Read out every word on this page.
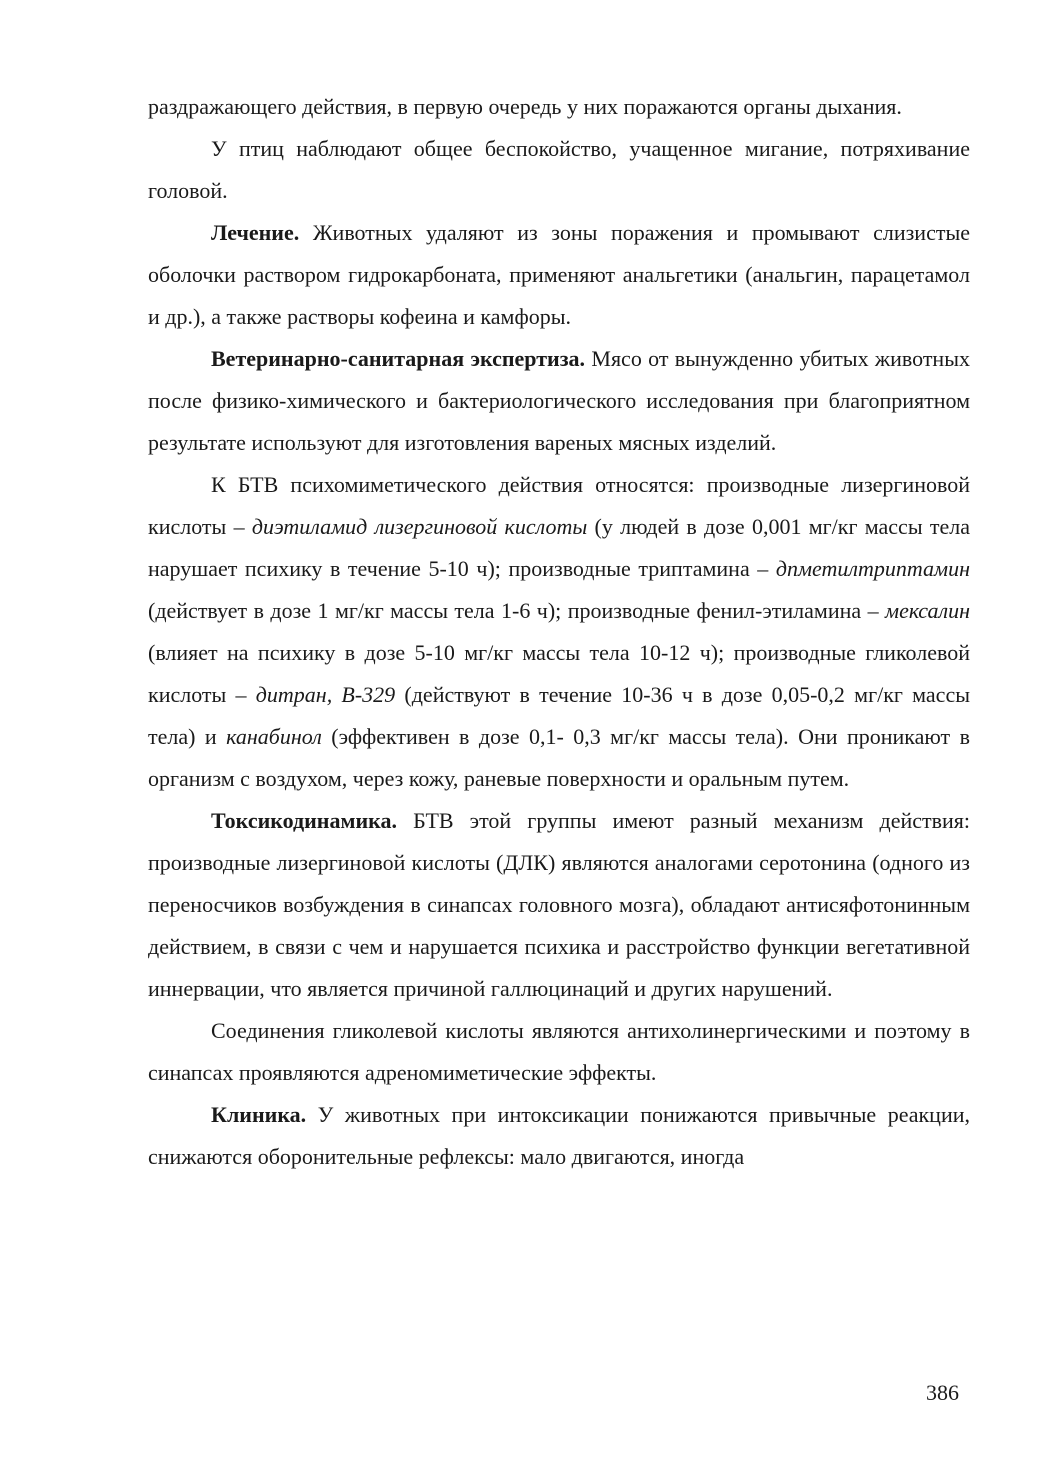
раздражающего действия, в первую очередь у них поражаются органы дыхания.

У птиц наблюдают общее беспокойство, учащенное мигание, потряхивание головой.

Лечение. Животных удаляют из зоны поражения и промывают слизистые оболочки раствором гидрокарбоната, применяют анальгетики (анальгин, парацетамол и др.), а также растворы кофеина и камфоры.

Ветеринарно-санитарная экспертиза. Мясо от вынужденно убитых животных после физико-химического и бактериологического исследования при благоприятном результате используют для изготовления вареных мясных изделий.

К БТВ психомиметического действия относятся: производные лизергиновой кислоты – диэтиламид лизергиновой кислоты (у людей в дозе 0,001 мг/кг массы тела нарушает психику в течение 5-10 ч); производные триптамина – дпметилтриптамин (действует в дозе 1 мг/кг массы тела 1-6 ч); производные фенил-этиламина – мексалин (влияет на психику в дозе 5-10 мг/кг массы тела 10-12 ч); производные гликолевой кислоты – дитран, В-329 (действуют в течение 10-36 ч в дозе 0,05-0,2 мг/кг массы тела) и канабинол (эффективен в дозе 0,1- 0,3 мг/кг массы тела). Они проникают в организм с воздухом, через кожу, раневые поверхности и оральным путем.

Токсикодинамика. БТВ этой группы имеют разный механизм действия: производные лизергиновой кислоты (ДЛК) являются аналогами серотонина (одного из переносчиков возбуждения в синапсах головного мозга), обладают антисяфотонинным действием, в связи с чем и нарушается психика и расстройство функции вегетативной иннервации, что является причиной галлюцинаций и других нарушений.

Соединения гликолевой кислоты являются антихолинергическими и поэтому в синапсах проявляются адреномиметические эффекты.

Клиника. У животных при интоксикации понижаются привычные реакции, снижаются оборонительные рефлексы: мало двигаются, иногда

386
